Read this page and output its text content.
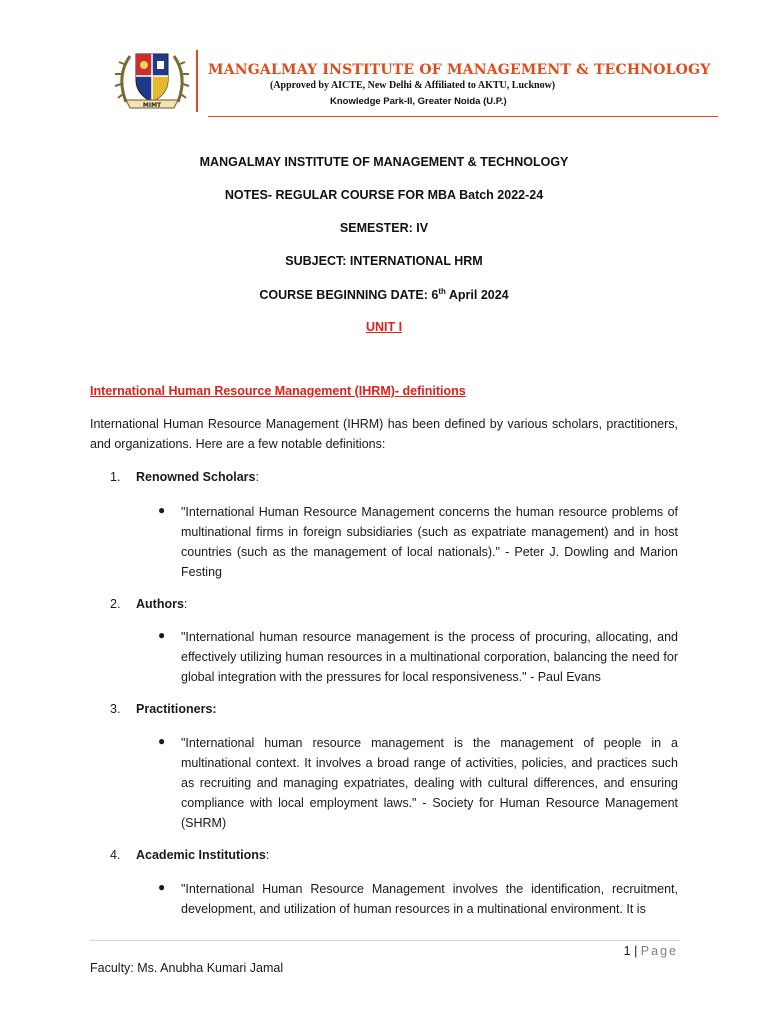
MIMT
MANGALMAY INSTITUTE OF MANAGEMENT & TECHNOLOGY
(Approved by AICTE, New Delhi & Affiliated to AKTU, Lucknow)
Knowledge Park-II, Greater Noida (U.P.)
MANGALMAY INSTITUTE OF MANAGEMENT & TECHNOLOGY
NOTES- REGULAR COURSE FOR MBA Batch 2022-24
SEMESTER: IV
SUBJECT: INTERNATIONAL HRM
COURSE BEGINNING DATE: 6th April 2024
UNIT I
International Human Resource Management (IHRM)- definitions
International Human Resource Management (IHRM) has been defined by various scholars, practitioners, and organizations. Here are a few notable definitions:
1. Renowned Scholars:
● "International Human Resource Management concerns the human resource problems of multinational firms in foreign subsidiaries (such as expatriate management) and in host countries (such as the management of local nationals)." - Peter J. Dowling and Marion Festing
2. Authors:
● "International human resource management is the process of procuring, allocating, and effectively utilizing human resources in a multinational corporation, balancing the need for global integration with the pressures for local responsiveness." - Paul Evans
3. Practitioners:
● "International human resource management is the management of people in a multinational context. It involves a broad range of activities, policies, and practices such as recruiting and managing expatriates, dealing with cultural differences, and ensuring compliance with local employment laws." - Society for Human Resource Management (SHRM)
4. Academic Institutions:
● "International Human Resource Management involves the identification, recruitment, development, and utilization of human resources in a multinational environment. It is
1 | Page
Faculty: Ms. Anubha Kumari Jamal
